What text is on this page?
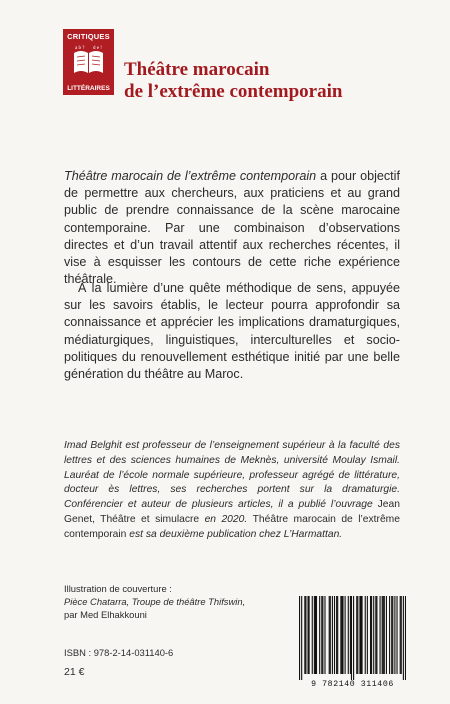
CRITIQUES
a b ? d e !
LITTÉRAIRES
Théâtre marocain
de l’extrême contemporain
Théâtre marocain de l’extrême contemporain a pour objectif de permettre aux chercheurs, aux praticiens et au grand public de prendre connaissance de la scène marocaine contemporaine. Par une combinaison d’observations directes et d’un travail attentif aux recherches récentes, il vise à esquisser les contours de cette riche expérience théâtrale.
À la lumière d’une quête méthodique de sens, appuyée sur les savoirs établis, le lecteur pourra approfondir sa connaissance et apprécier les implications dramaturgiques, médiaturgiques, linguistiques, interculturelles et socio-politiques du renouvellement esthétique initié par une belle génération du théâtre au Maroc.
Imad Belghit est professeur de l’enseignement supérieur à la faculté des lettres et des sciences humaines de Meknès, université Moulay Ismail. Lauréat de l’école normale supérieure, professeur agrégé de littérature, docteur ès lettres, ses recherches portent sur la dramaturgie. Conférencier et auteur de plusieurs articles, il a publié l’ouvrage Jean Genet, Théâtre et simulacre en 2020. Théâtre marocain de l’extrême contemporain est sa deuxième publication chez L’Harmattan.
Illustration de couverture :
Pièce Chatarra, Troupe de théâtre Thifswin,
par Med Elhakkouni
ISBN : 978-2-14-031140-6
21 €
9 782140 311406
